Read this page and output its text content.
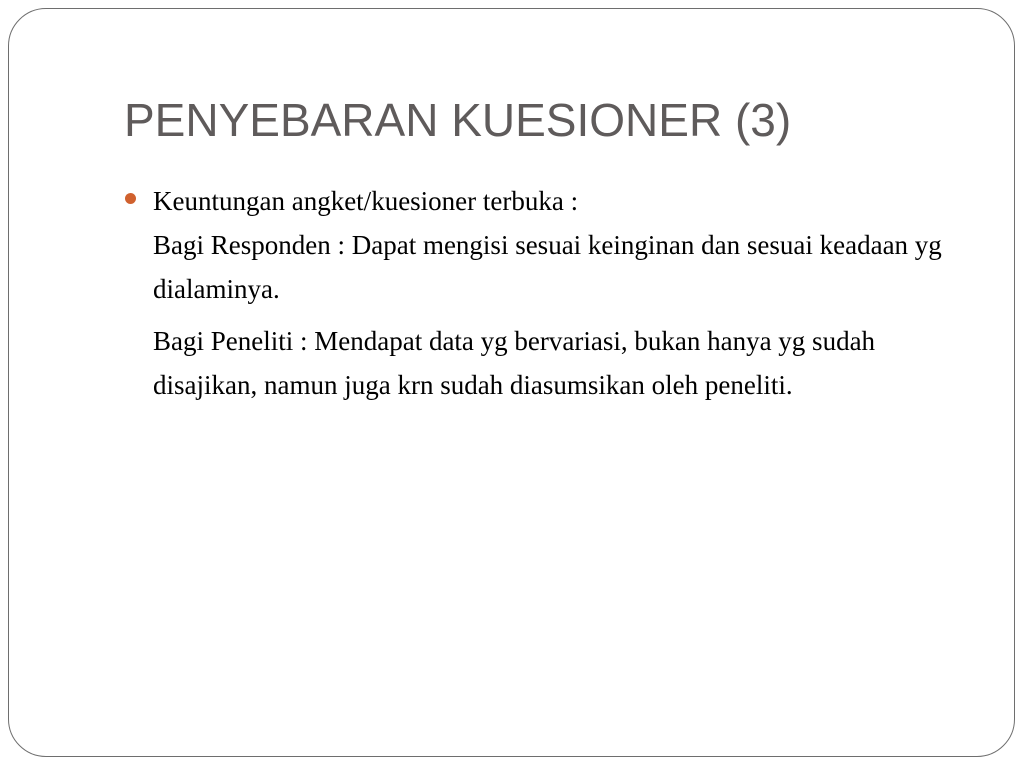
PENYEBARAN KUESIONER (3)

Keuntungan angket/kuesioner terbuka :

Bagi Responden : Dapat mengisi sesuai keinginan dan sesuai keadaan yg dialaminya.

Bagi Peneliti : Mendapat data yg bervariasi, bukan hanya yg sudah disajikan, namun juga krn sudah diasumsikan oleh peneliti.
